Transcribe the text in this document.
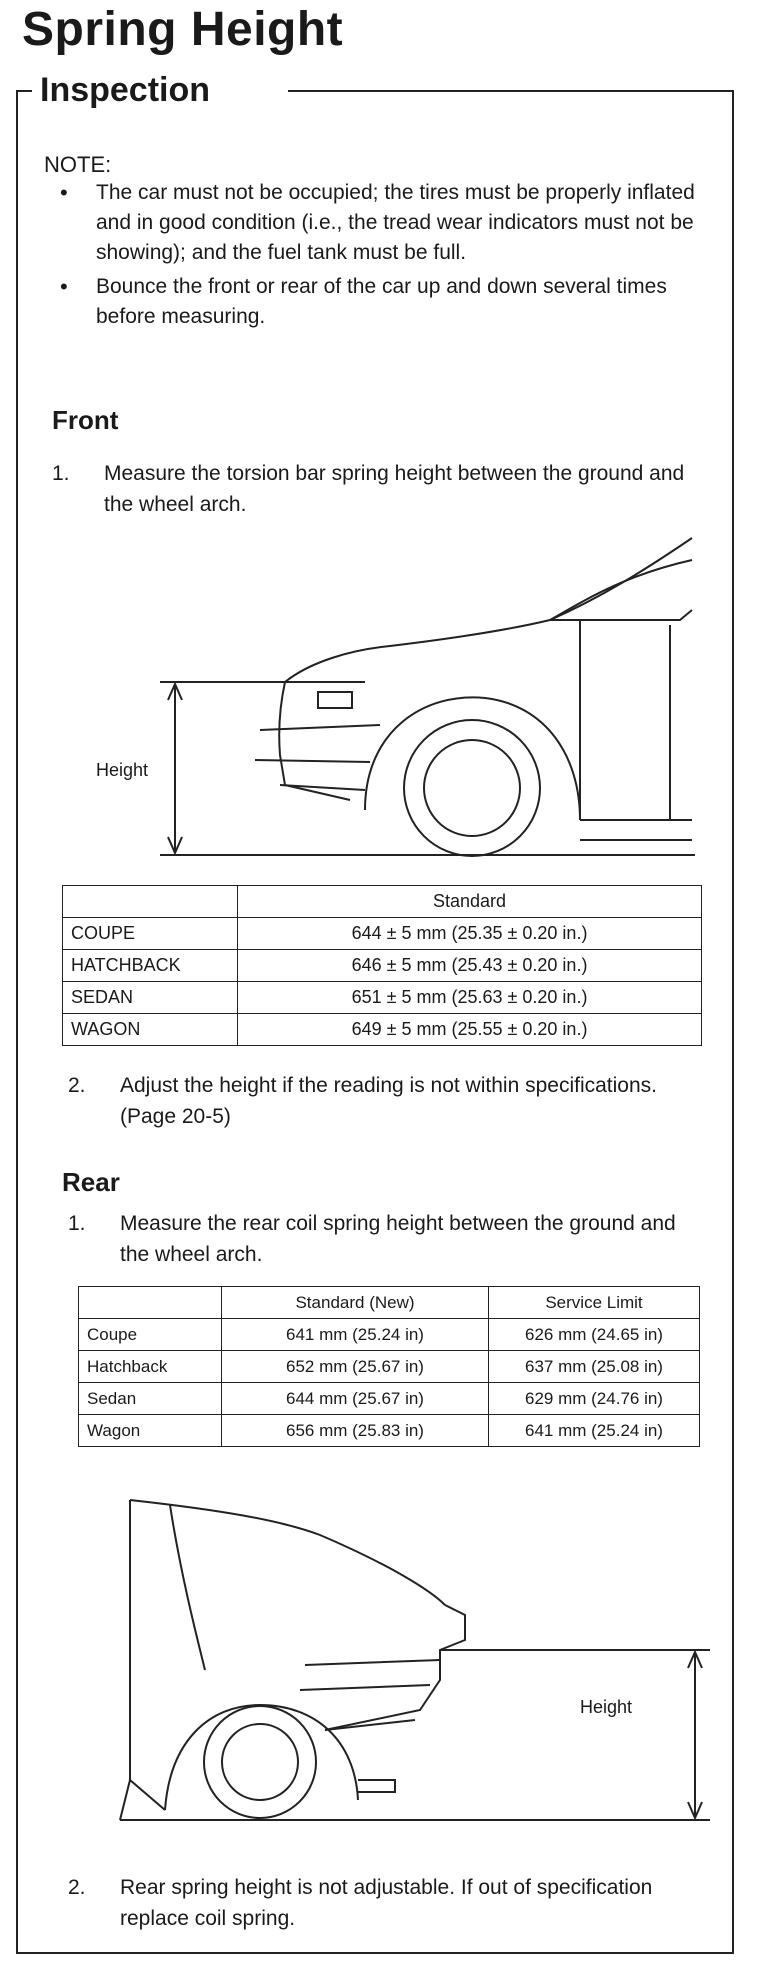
Spring Height
Inspection
NOTE:
• The car must not be occupied; the tires must be properly inflated and in good condition (i.e., the tread wear indicators must not be showing); and the fuel tank must be full.
• Bounce the front or rear of the car up and down several times before measuring.
Front
1.	Measure the torsion bar spring height between the ground and the wheel arch.
Height
	Standard
COUPE	644 ± 5 mm (25.35 ± 0.20 in.)
HATCHBACK	646 ± 5 mm (25.43 ± 0.20 in.)
SEDAN	651 ± 5 mm (25.63 ± 0.20 in.)
WAGON	649 ± 5 mm (25.55 ± 0.20 in.)
2.	Adjust the height if the reading is not within specifications. (Page 20-5)
Rear
1.	Measure the rear coil spring height between the ground and the wheel arch.
	Standard (New)	Service Limit
Coupe	641 mm (25.24 in)	626 mm (24.65 in)
Hatchback	652 mm (25.67 in)	637 mm (25.08 in)
Sedan	644 mm (25.67 in)	629 mm (24.76 in)
Wagon	656 mm (25.83 in)	641 mm (25.24 in)
Height
2.	Rear spring height is not adjustable. If out of specification replace coil spring.
